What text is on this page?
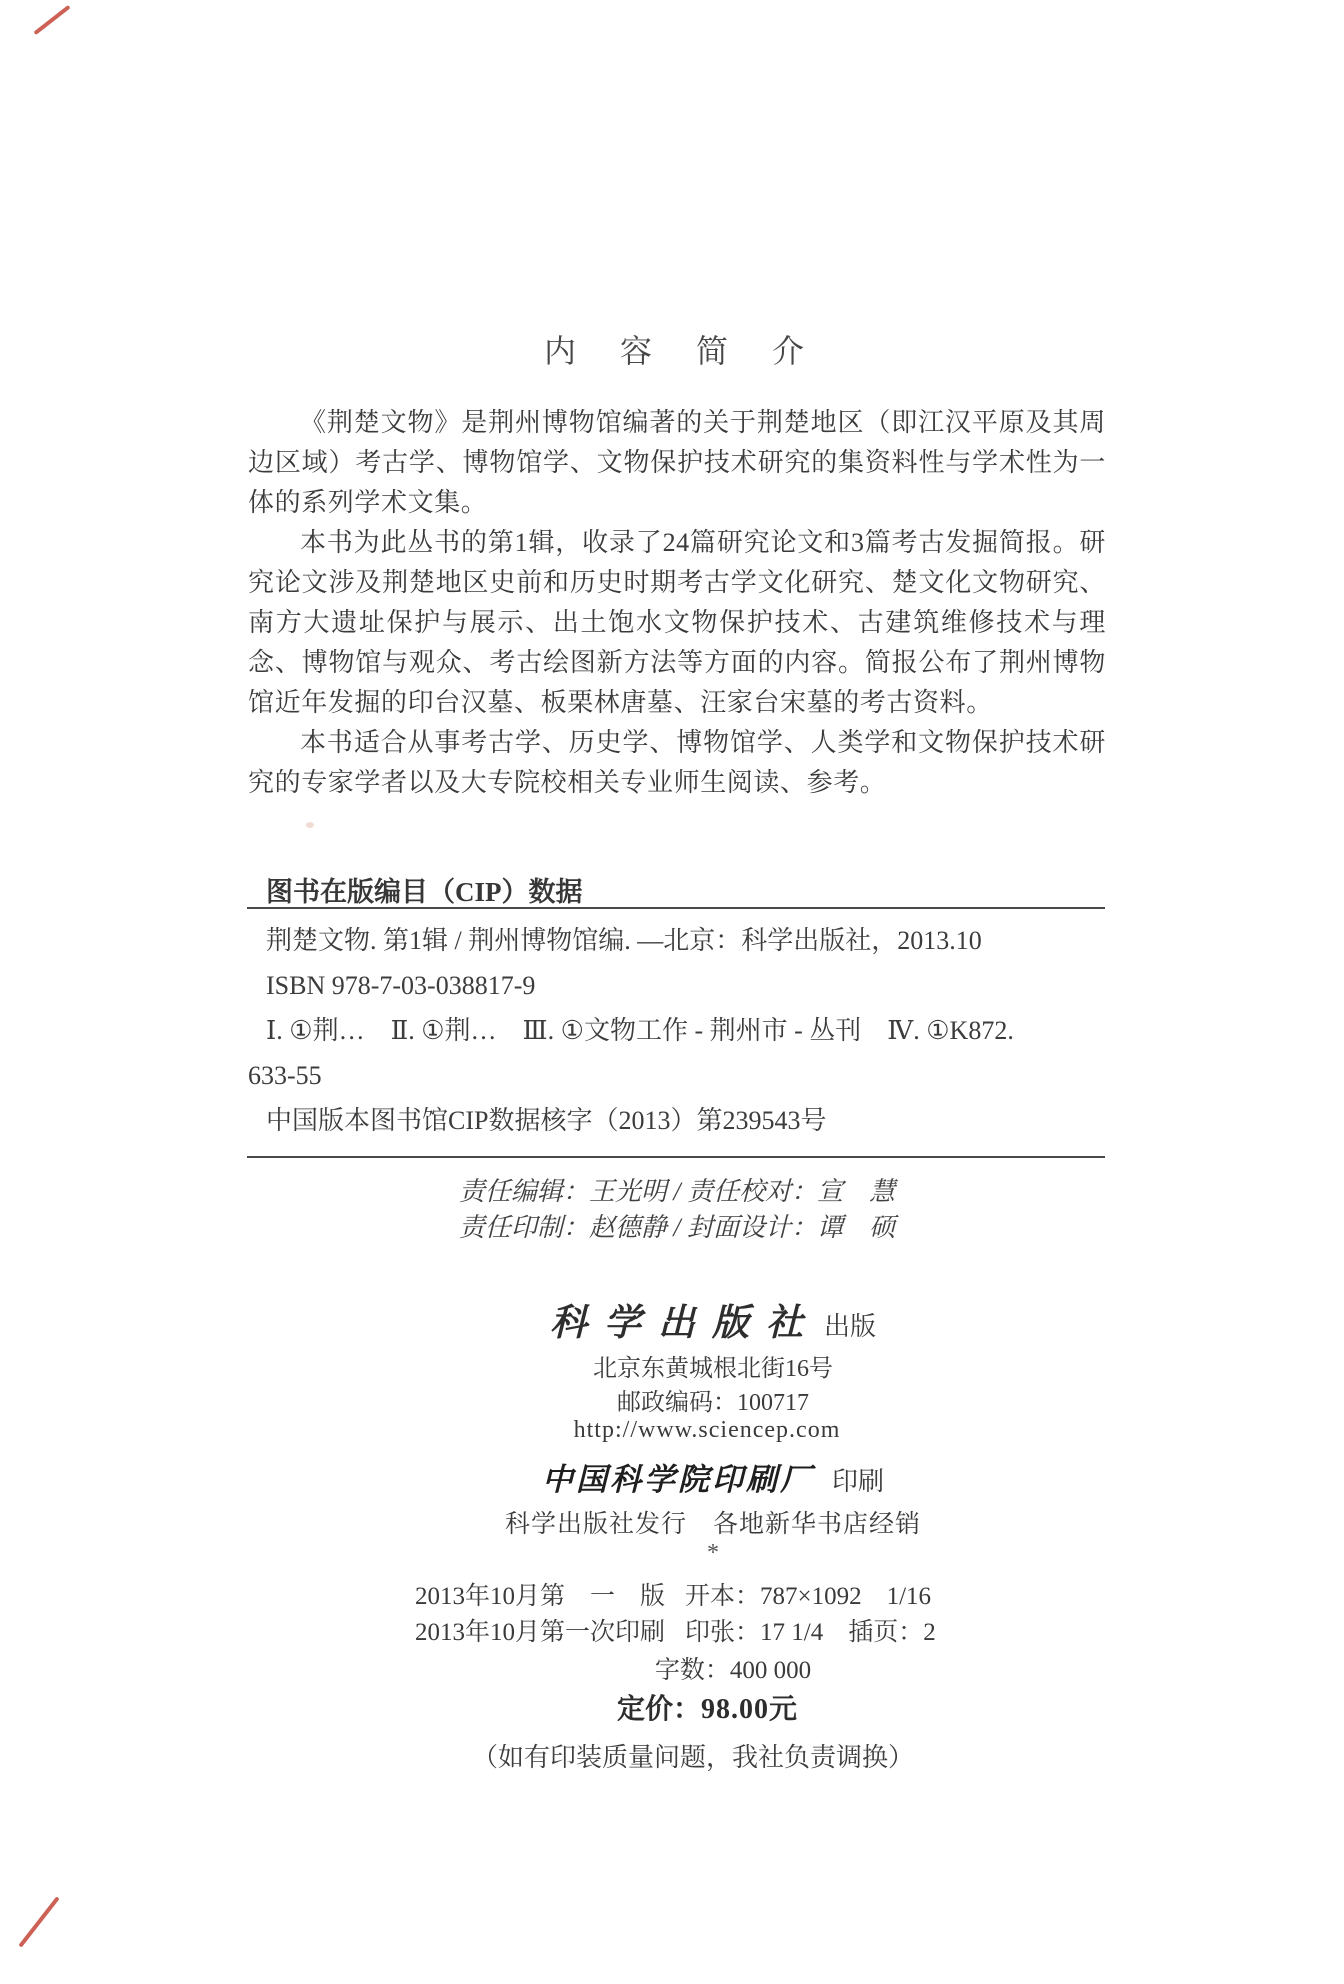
内　容　简　介

《荆楚文物》是荆州博物馆编著的关于荆楚地区（即江汉平原及其周边区域）考古学、博物馆学、文物保护技术研究的集资料性与学术性为一体的系列学术文集。

本书为此丛书的第1辑，收录了24篇研究论文和3篇考古发掘简报。研究论文涉及荆楚地区史前和历史时期考古学文化研究、楚文化文物研究、南方大遗址保护与展示、出土饱水文物保护技术、古建筑维修技术与理念、博物馆与观众、考古绘图新方法等方面的内容。简报公布了荆州博物馆近年发掘的印台汉墓、板栗林唐墓、汪家台宋墓的考古资料。

本书适合从事考古学、历史学、博物馆学、人类学和文物保护技术研究的专家学者以及大专院校相关专业师生阅读、参考。

图书在版编目（CIP）数据

荆楚文物. 第1辑 / 荆州博物馆编. —北京：科学出版社，2013.10

ISBN 978-7-03-038817-9

Ⅰ. ①荆…　Ⅱ. ①荆…　Ⅲ. ①文物工作 - 荆州市 - 丛刊　Ⅳ. ①K872.

633-55

中国版本图书馆CIP数据核字（2013）第239543号

责任编辑：王光明 / 责任校对：宣　慧

责任印制：赵德静 / 封面设计：谭　硕

科学出版社 出版
北京东黄城根北街16号
邮政编码：100717
http://www.sciencep.com
中国科学院印刷厂 印刷
科学出版社发行　各地新华书店经销
*
2013年10月第　一　版 开本：787×1092　1/16
2013年10月第一次印刷 印张：17 1/4　插页：2
字数：400 000
定价：98.00元
（如有印装质量问题，我社负责调换）
